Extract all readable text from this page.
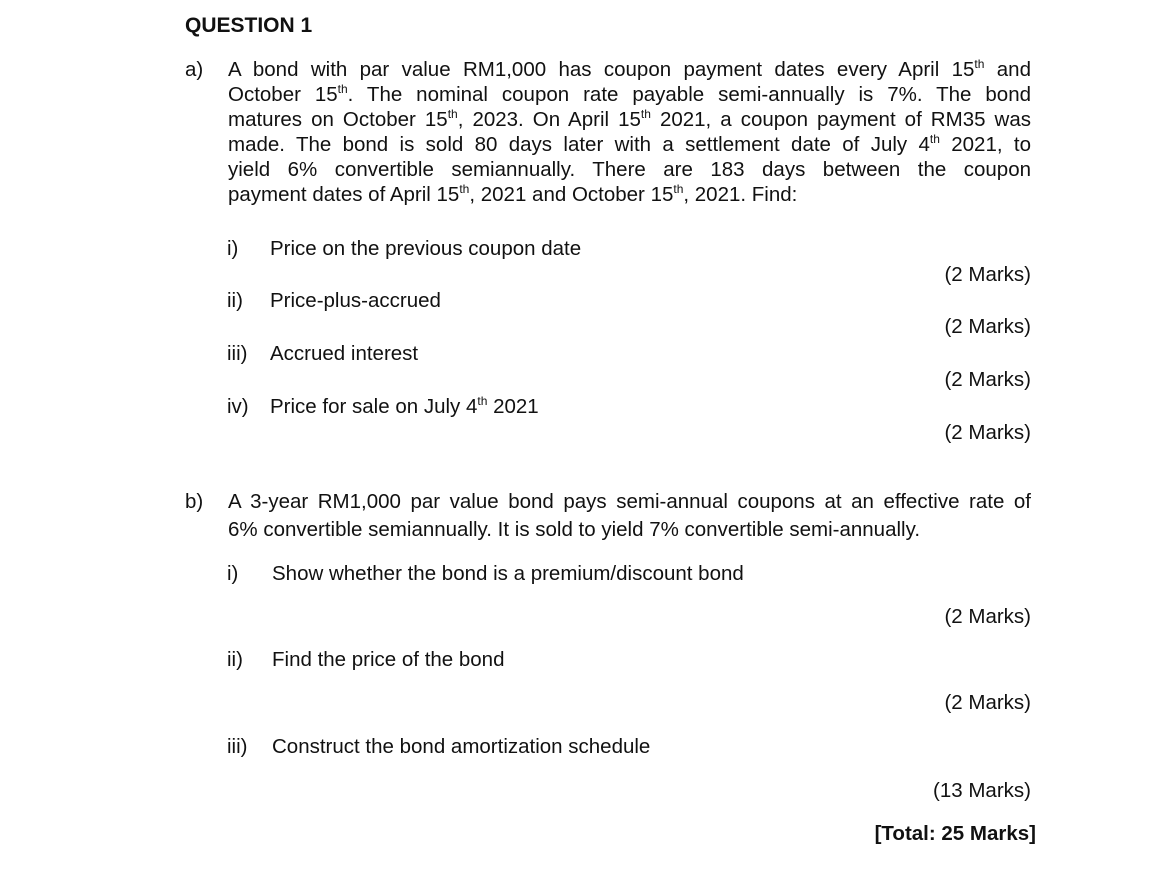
QUESTION 1
a) A bond with par value RM1,000 has coupon payment dates every April 15th and
October 15th. The nominal coupon rate payable semi-annually is 7%. The bond
matures on October 15th, 2023. On April 15th 2021, a coupon payment of RM35 was
made. The bond is sold 80 days later with a settlement date of July 4th 2021, to
yield 6% convertible semiannually. There are 183 days between the coupon
payment dates of April 15th, 2021 and October 15th, 2021. Find:
i) Price on the previous coupon date
(2 Marks)
ii) Price-plus-accrued
(2 Marks)
iii) Accrued interest
(2 Marks)
iv) Price for sale on July 4th 2021
(2 Marks)
b) A 3-year RM1,000 par value bond pays semi-annual coupons at an effective rate of
6% convertible semiannually. It is sold to yield 7% convertible semi-annually.
i) Show whether the bond is a premium/discount bond
(2 Marks)
ii) Find the price of the bond
(2 Marks)
iii) Construct the bond amortization schedule
(13 Marks)
[Total: 25 Marks]
